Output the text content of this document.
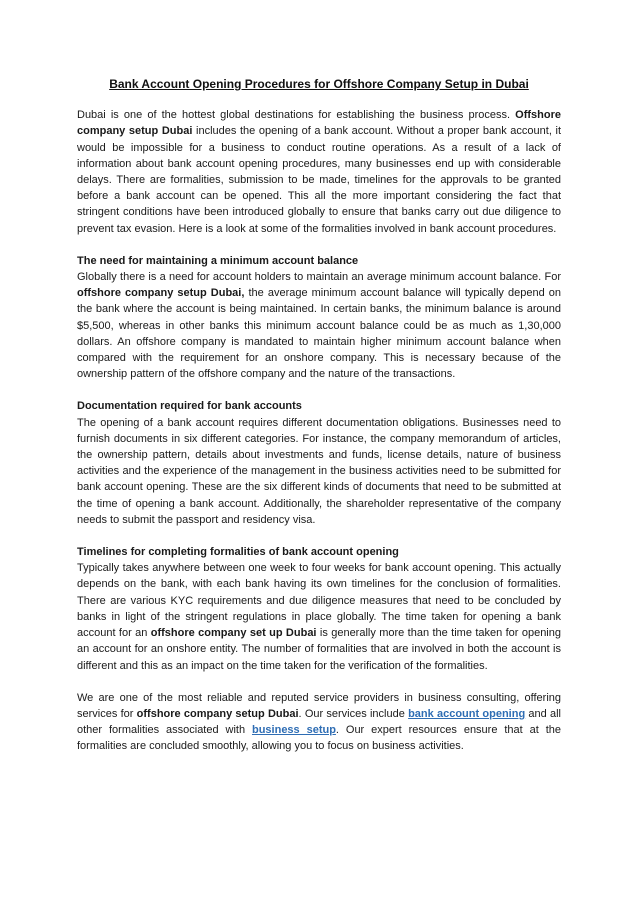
Bank Account Opening Procedures for Offshore Company Setup in Dubai

Dubai is one of the hottest global destinations for establishing the business process. Offshore company setup Dubai includes the opening of a bank account. Without a proper bank account, it would be impossible for a business to conduct routine operations. As a result of a lack of information about bank account opening procedures, many businesses end up with considerable delays. There are formalities, submission to be made, timelines for the approvals to be granted before a bank account can be opened. This all the more important considering the fact that stringent conditions have been introduced globally to ensure that banks carry out due diligence to prevent tax evasion. Here is a look at some of the formalities involved in bank account procedures.

The need for maintaining a minimum account balance
Globally there is a need for account holders to maintain an average minimum account balance. For offshore company setup Dubai, the average minimum account balance will typically depend on the bank where the account is being maintained. In certain banks, the minimum balance is around $5,500, whereas in other banks this minimum account balance could be as much as 1,30,000 dollars. An offshore company is mandated to maintain higher minimum account balance when compared with the requirement for an onshore company. This is necessary because of the ownership pattern of the offshore company and the nature of the transactions.

Documentation required for bank accounts
The opening of a bank account requires different documentation obligations. Businesses need to furnish documents in six different categories. For instance, the company memorandum of articles, the ownership pattern, details about investments and funds, license details, nature of business activities and the experience of the management in the business activities need to be submitted for bank account opening. These are the six different kinds of documents that need to be submitted at the time of opening a bank account. Additionally, the shareholder representative of the company needs to submit the passport and residency visa.

Timelines for completing formalities of bank account opening
Typically takes anywhere between one week to four weeks for bank account opening. This actually depends on the bank, with each bank having its own timelines for the conclusion of formalities. There are various KYC requirements and due diligence measures that need to be concluded by banks in light of the stringent regulations in place globally. The time taken for opening a bank account for an offshore company set up Dubai is generally more than the time taken for opening an account for an onshore entity. The number of formalities that are involved in both the account is different and this as an impact on the time taken for the verification of the formalities.

We are one of the most reliable and reputed service providers in business consulting, offering services for offshore company setup Dubai. Our services include bank account opening and all other formalities associated with business setup. Our expert resources ensure that at the formalities are concluded smoothly, allowing you to focus on business activities.
